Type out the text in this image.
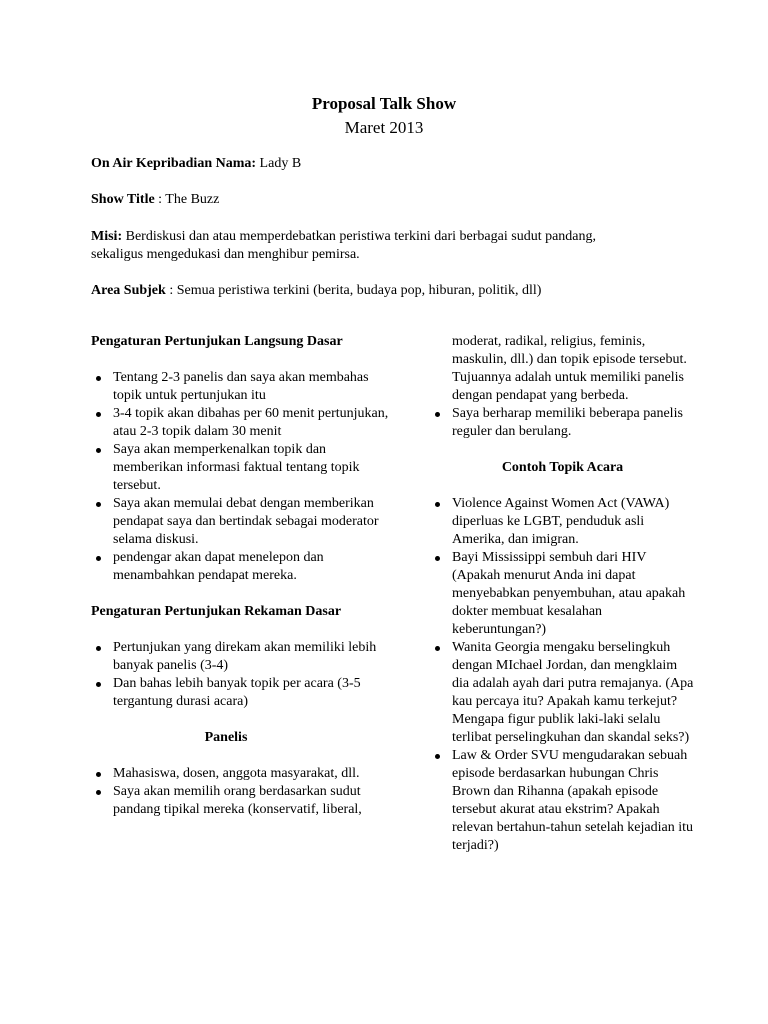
Proposal Talk Show

Maret 2013

On Air Kepribadian Nama: Lady B

Show Title : The Buzz

Misi: Berdiskusi dan atau memperdebatkan peristiwa terkini dari berbagai sudut pandang, sekaligus mengedukasi dan menghibur pemirsa.

Area Subjek : Semua peristiwa terkini (berita, budaya pop, hiburan, politik, dll)

Pengaturan Pertunjukan Langsung Dasar
Tentang 2-3 panelis dan saya akan membahas topik untuk pertunjukan itu
3-4 topik akan dibahas per 60 menit pertunjukan, atau 2-3 topik dalam 30 menit
Saya akan memperkenalkan topik dan memberikan informasi faktual tentang topik tersebut.
Saya akan memulai debat dengan memberikan pendapat saya dan bertindak sebagai moderator selama diskusi.
pendengar akan dapat menelepon dan menambahkan pendapat mereka.
Pengaturan Pertunjukan Rekaman Dasar
Pertunjukan yang direkam akan memiliki lebih banyak panelis (3-4)
Dan bahas lebih banyak topik per acara (3-5 tergantung durasi acara)
Panelis
Mahasiswa, dosen, anggota masyarakat, dll.
Saya akan memilih orang berdasarkan sudut pandang tipikal mereka (konservatif, liberal,

moderat, radikal, religius, feminis, maskulin, dll.) dan topik episode tersebut. Tujuannya adalah untuk memiliki panelis dengan pendapat yang berbeda.

Saya berharap memiliki beberapa panelis reguler dan berulang.
Contoh Topik Acara
Violence Against Women Act (VAWA) diperluas ke LGBT, penduduk asli Amerika, dan imigran.
Bayi Mississippi sembuh dari HIV (Apakah menurut Anda ini dapat menyebabkan penyembuhan, atau apakah dokter membuat kesalahan keberuntungan?)
Wanita Georgia mengaku berselingkuh dengan MIchael Jordan, dan mengklaim dia adalah ayah dari putra remajanya. (Apa kau percaya itu? Apakah kamu terkejut? Mengapa figur publik laki-laki selalu terlibat perselingkuhan dan skandal seks?)
Law & Order SVU mengudarakan sebuah episode berdasarkan hubungan Chris Brown dan Rihanna (apakah episode tersebut akurat atau ekstrim? Apakah relevan bertahun-tahun setelah kejadian itu terjadi?)
